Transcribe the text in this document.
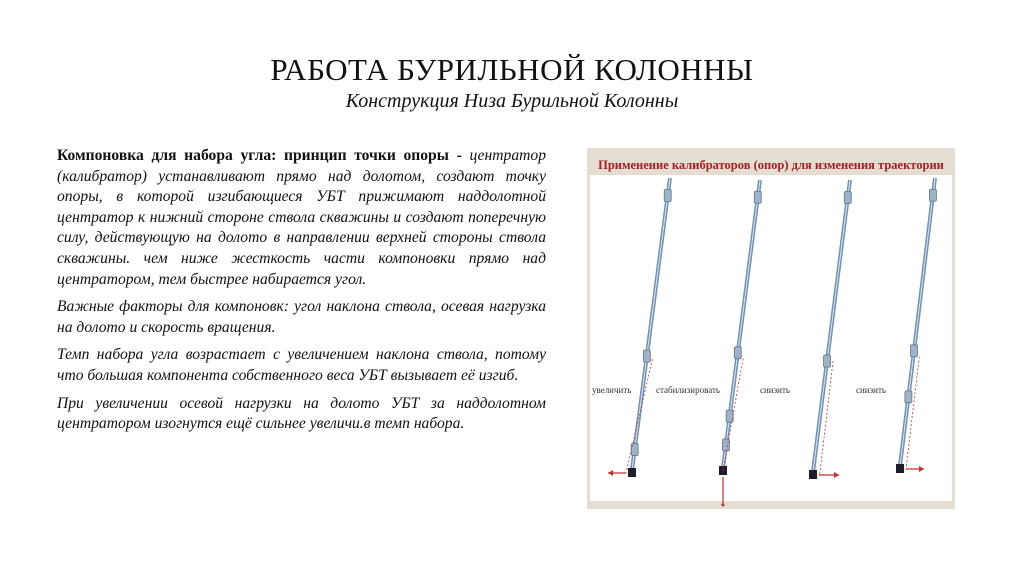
РАБОТА БУРИЛЬНОЙ КОЛОННЫ
Конструкция Низа Бурильной Колонны

Компоновка для набора угла: принцип точки опоры - центратор (калибратор) устанавливают прямо над долотом, создают точку опоры, в которой изгибающиеся УБТ прижимают наддолотной центратор к нижний стороне ствола скважины и создают поперечную силу, действующую на долото в направлении верхней стороны ствола скважины. чем ниже жесткость части компоновки прямо над центратором, тем быстрее набирается угол.

Важные факторы для компоновк: угол наклона ствола, осевая нагрузка на долото и скорость вращения.

Темп набора угла возрастает с увеличением наклона ствола, потому что большая компонента собственного веса УБТ вызывает её изгиб.

При увеличении осевой нагрузки на долото УБТ за наддолотном центратором изогнутся ещё сильнее увеличи.в темп набора.

Применение калибраторов (опор) для изменения траектории
увеличить	стабилизировать	снизить	снизить
